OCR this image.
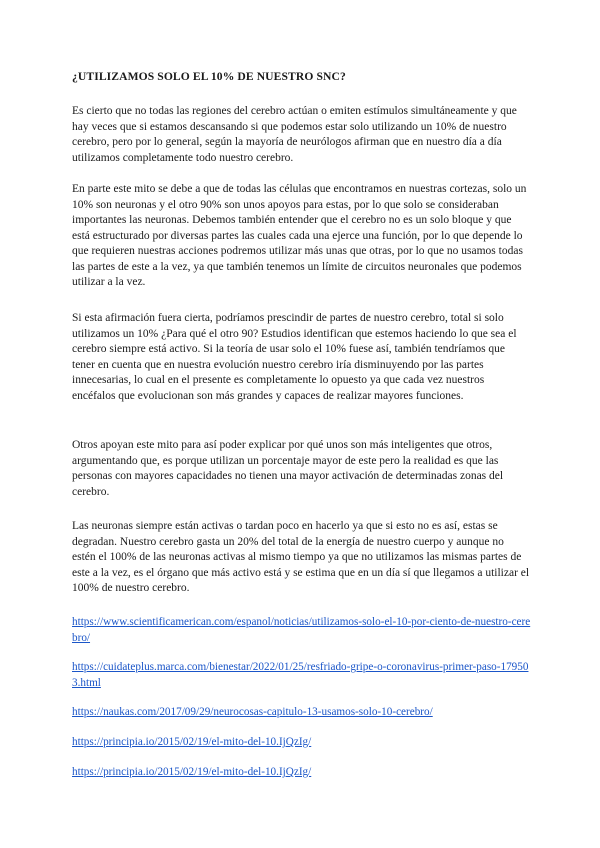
¿UTILIZAMOS SOLO EL 10% DE NUESTRO SNC?

Es cierto que no todas las regiones del cerebro actúan o emiten estímulos simultáneamente y que hay veces que si estamos descansando si que podemos estar solo utilizando un 10% de nuestro cerebro, pero por lo general, según la mayoría de neurólogos afirman que en nuestro día a día utilizamos completamente todo nuestro cerebro.

En parte este mito se debe a que de todas las células que encontramos en nuestras cortezas, solo un 10% son neuronas y el otro 90% son unos apoyos para estas, por lo que solo se consideraban importantes las neuronas. Debemos también entender que el cerebro no es un solo bloque y que está estructurado por diversas partes las cuales cada una ejerce una función, por lo que depende lo que requieren nuestras acciones podremos utilizar más unas que otras, por lo que no usamos todas las partes de este a la vez, ya que también tenemos un límite de circuitos neuronales que podemos utilizar a la vez.

Si esta afirmación fuera cierta, podríamos prescindir de partes de nuestro cerebro, total si solo utilizamos un 10% ¿Para qué el otro 90? Estudios identifican que estemos haciendo lo que sea el cerebro siempre está activo. Si la teoría de usar solo el 10% fuese así, también tendríamos que tener en cuenta que en nuestra evolución nuestro cerebro iría disminuyendo por las partes innecesarias, lo cual en el presente es completamente lo opuesto ya que cada vez nuestros encéfalos que evolucionan son más grandes y capaces de realizar mayores funciones.

Otros apoyan este mito para así poder explicar por qué unos son más inteligentes que otros, argumentando que, es porque utilizan un porcentaje mayor de este pero la realidad es que las personas con mayores capacidades no tienen una mayor activación de determinadas zonas del cerebro.

Las neuronas siempre están activas o tardan poco en hacerlo ya que si esto no es así, estas se degradan. Nuestro cerebro gasta un 20% del total de la energía de nuestro cuerpo y aunque no estén el 100% de las neuronas activas al mismo tiempo ya que no utilizamos las mismas partes de este a la vez, es el órgano que más activo está y se estima que en un día sí que llegamos a utilizar el 100% de nuestro cerebro.

https://www.scientificamerican.com/espanol/noticias/utilizamos-solo-el-10-por-ciento-de-nuestro-cerebro/
https://cuidateplus.marca.com/bienestar/2022/01/25/resfriado-gripe-o-coronavirus-primer-paso-179503.html
https://naukas.com/2017/09/29/neurocosas-capitulo-13-usamos-solo-10-cerebro/
https://principia.io/2015/02/19/el-mito-del-10.IjQzIg/
https://principia.io/2015/02/19/el-mito-del-10.IjQzIg/
